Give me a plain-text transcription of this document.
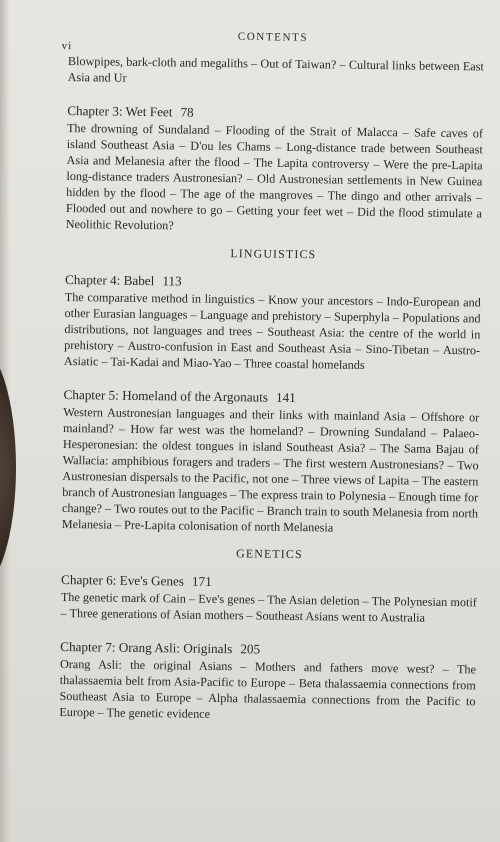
vi
CONTENTS

Blowpipes, bark-cloth and megaliths – Out of Taiwan? – Cultural links between East Asia and Ur

Chapter 3: Wet Feet 78

The drowning of Sundaland – Flooding of the Strait of Malacca – Safe caves of island Southeast Asia – D'ou les Chams – Long-distance trade between Southeast Asia and Melanesia after the flood – The Lapita controversy – Were the pre-Lapita long-distance traders Austronesian? – Old Austronesian settlements in New Guinea hidden by the flood – The age of the mangroves – The dingo and other arrivals – Flooded out and nowhere to go – Getting your feet wet – Did the flood stimulate a Neolithic Revolution?

LINGUISTICS
Chapter 4: Babel 113

The comparative method in linguistics – Know your ancestors – Indo-European and other Eurasian languages – Language and prehistory – Superphyla – Populations and distributions, not languages and trees – Southeast Asia: the centre of the world in prehistory – Austro-confusion in East and Southeast Asia – Sino-Tibetan – Austro-Asiatic – Tai-Kadai and Miao-Yao – Three coastal homelands

Chapter 5: Homeland of the Argonauts 141

Western Austronesian languages and their links with mainland Asia – Offshore or mainland? – How far west was the homeland? – Drowning Sundaland – Palaeo-Hesperonesian: the oldest tongues in island Southeast Asia? – The Sama Bajau of Wallacia: amphibious foragers and traders – The first western Austronesians? – Two Austronesian dispersals to the Pacific, not one – Three views of Lapita – The eastern branch of Austronesian languages – The express train to Polynesia – Enough time for change? – Two routes out to the Pacific – Branch train to south Melanesia from north Melanesia – Pre-Lapita colonisation of north Melanesia

GENETICS
Chapter 6: Eve's Genes 171

The genetic mark of Cain – Eve's genes – The Asian deletion – The Polynesian motif – Three generations of Asian mothers – Southeast Asians went to Australia

Chapter 7: Orang Asli: Originals 205

Orang Asli: the original Asians – Mothers and fathers move west? – The thalassaemia belt from Asia-Pacific to Europe – Beta thalassaemia connections from Southeast Asia to Europe – Alpha thalassaemia connections from the Pacific to Europe – The genetic evidence
